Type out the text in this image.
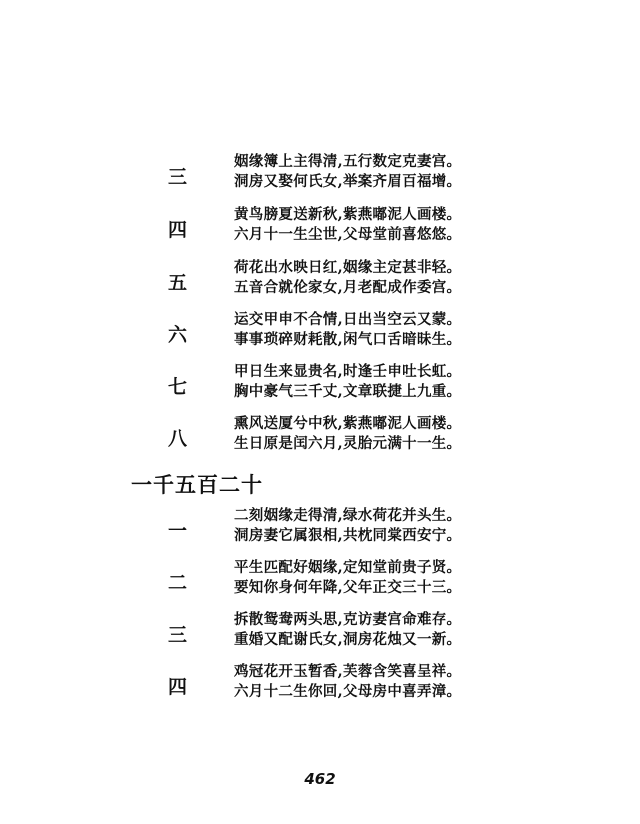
三
姻缘簿上主得清,五行数定克妻宫。
洞房又娶何氏女,举案齐眉百福增。
四
黄鸟膀夏送新秋,紫燕嘟泥人画楼。
六月十一生尘世,父母堂前喜悠悠。
五
荷花出水映日红,姻缘主定甚非轻。
五音合就伦家女,月老配成作委宫。
六
运交甲申不合情,日出当空云又蒙。
事事琐碎财耗散,闲气口舌暗昧生。
七
甲日生来显贵名,时逢壬申吐长虹。
胸中豪气三千丈,文章联捷上九重。
八
熏风送厦兮中秋,紫燕嘟泥人画楼。
生日原是闰六月,灵胎元满十一生。
一千五百二十
一
二刻姻缘走得清,绿水荷花并头生。
洞房妻它属狠相,共枕同棠西安宁。
二
平生匹配好姻缘,定知堂前贵子贤。
要知你身何年降,父年正交三十三。
三
拆散鸳鸯两头思,克访妻宫命难存。
重婚又配谢氏女,洞房花烛又一新。
四
鸡冠花开玉暂香,芙蓉含笑喜呈祥。
六月十二生你回,父母房中喜弄漳。
462
